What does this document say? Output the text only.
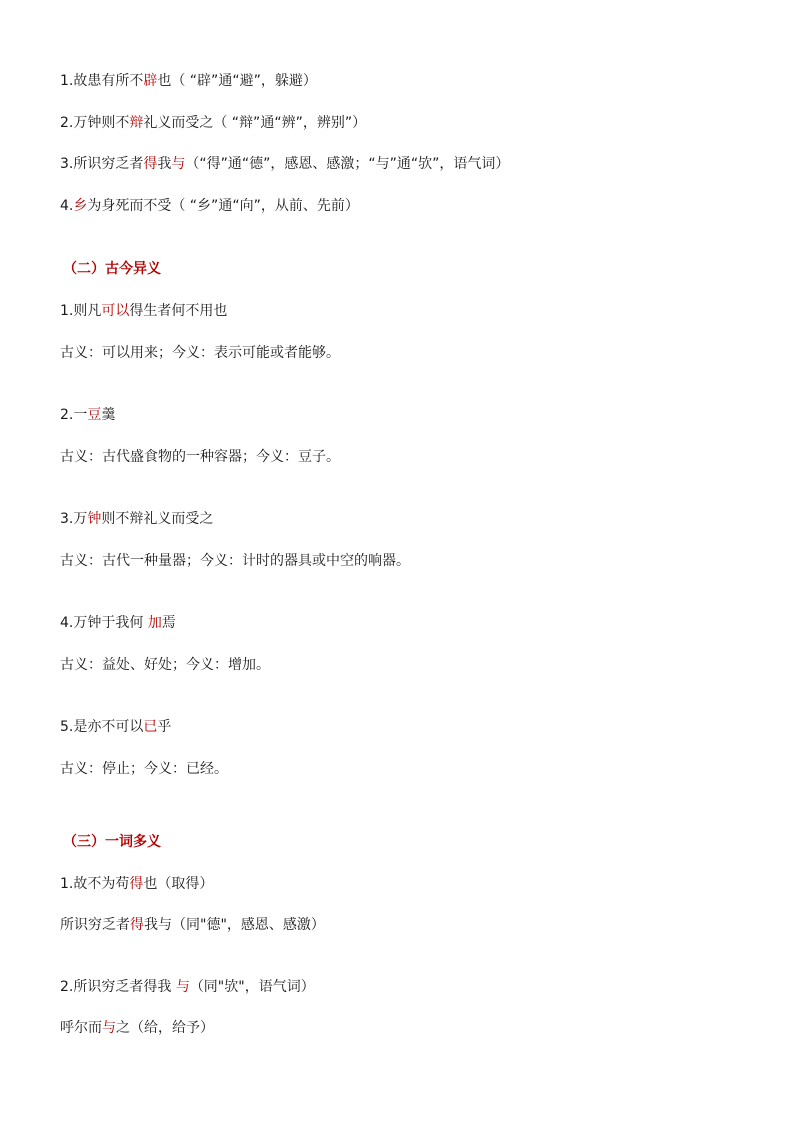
1.故患有所不辟也（ “辟”通“避”，躲避）
2.万钟则不辩礼义而受之（ “辩”通“辨”，辨别”）
3.所识穷乏者得我与（“得”通“德”，感恩、感激；“与”通“欤”，语气词）
4.乡为身死而不受（ “乡”通“向”，从前、先前）
（二）古今异义
1.则凡可以得生者何不用也
古义：可以用来；今义：表示可能或者能够。
2.一豆羹
古义：古代盛食物的一种容器；今义：豆子。
3.万钟则不辩礼义而受之
古义：古代一种量器；今义：计时的器具或中空的响器。
4.万钟于我何 加焉
古义：益处、好处；今义：增加。
5.是亦不可以已乎
古义：停止；今义：已经。
（三）一词多义
1.故不为苟得也（取得）
所识穷乏者得我与（同"德"，感恩、感激）
2.所识穷乏者得我 与（同"欤"，语气词）
呼尔而与之（给，给予）
